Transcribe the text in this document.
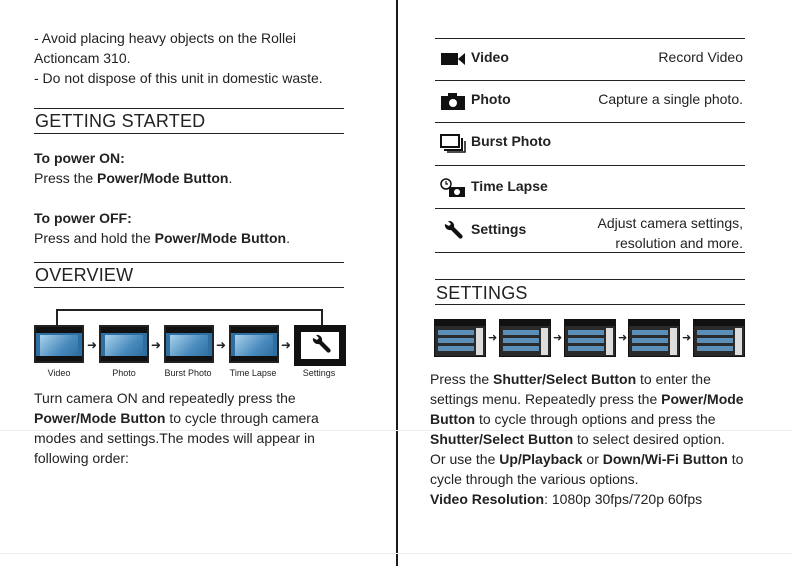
- Avoid placing heavy objects on the Rollei
Actioncam 310.
- Do not dispose of this unit in domestic waste.
GETTING STARTED
To power ON:
Press the Power/Mode Button.
To power OFF:
Press and hold the Power/Mode Button.
OVERVIEW
➜	➜	➜	➜
Video	Photo	Burst Photo	Time Lapse	Settings
Turn camera ON and repeatedly press the
Power/Mode Button to cycle through camera
modes and settings.The modes will appear in
following order:
Video	Record Video
Photo	Capture a single photo.
Burst Photo
Time Lapse
Settings	Adjust camera settings,
resolution and more.
SETTINGS
➜	➜	➜	➜
Press the Shutter/Select Button to enter the
settings menu. Repeatedly press the Power/Mode
Button to cycle through options and press the
Shutter/Select Button to select desired option.
Or use the Up/Playback or Down/Wi-Fi Button to
cycle through the various options.
Video Resolution: 1080p 30fps/720p 60fps
